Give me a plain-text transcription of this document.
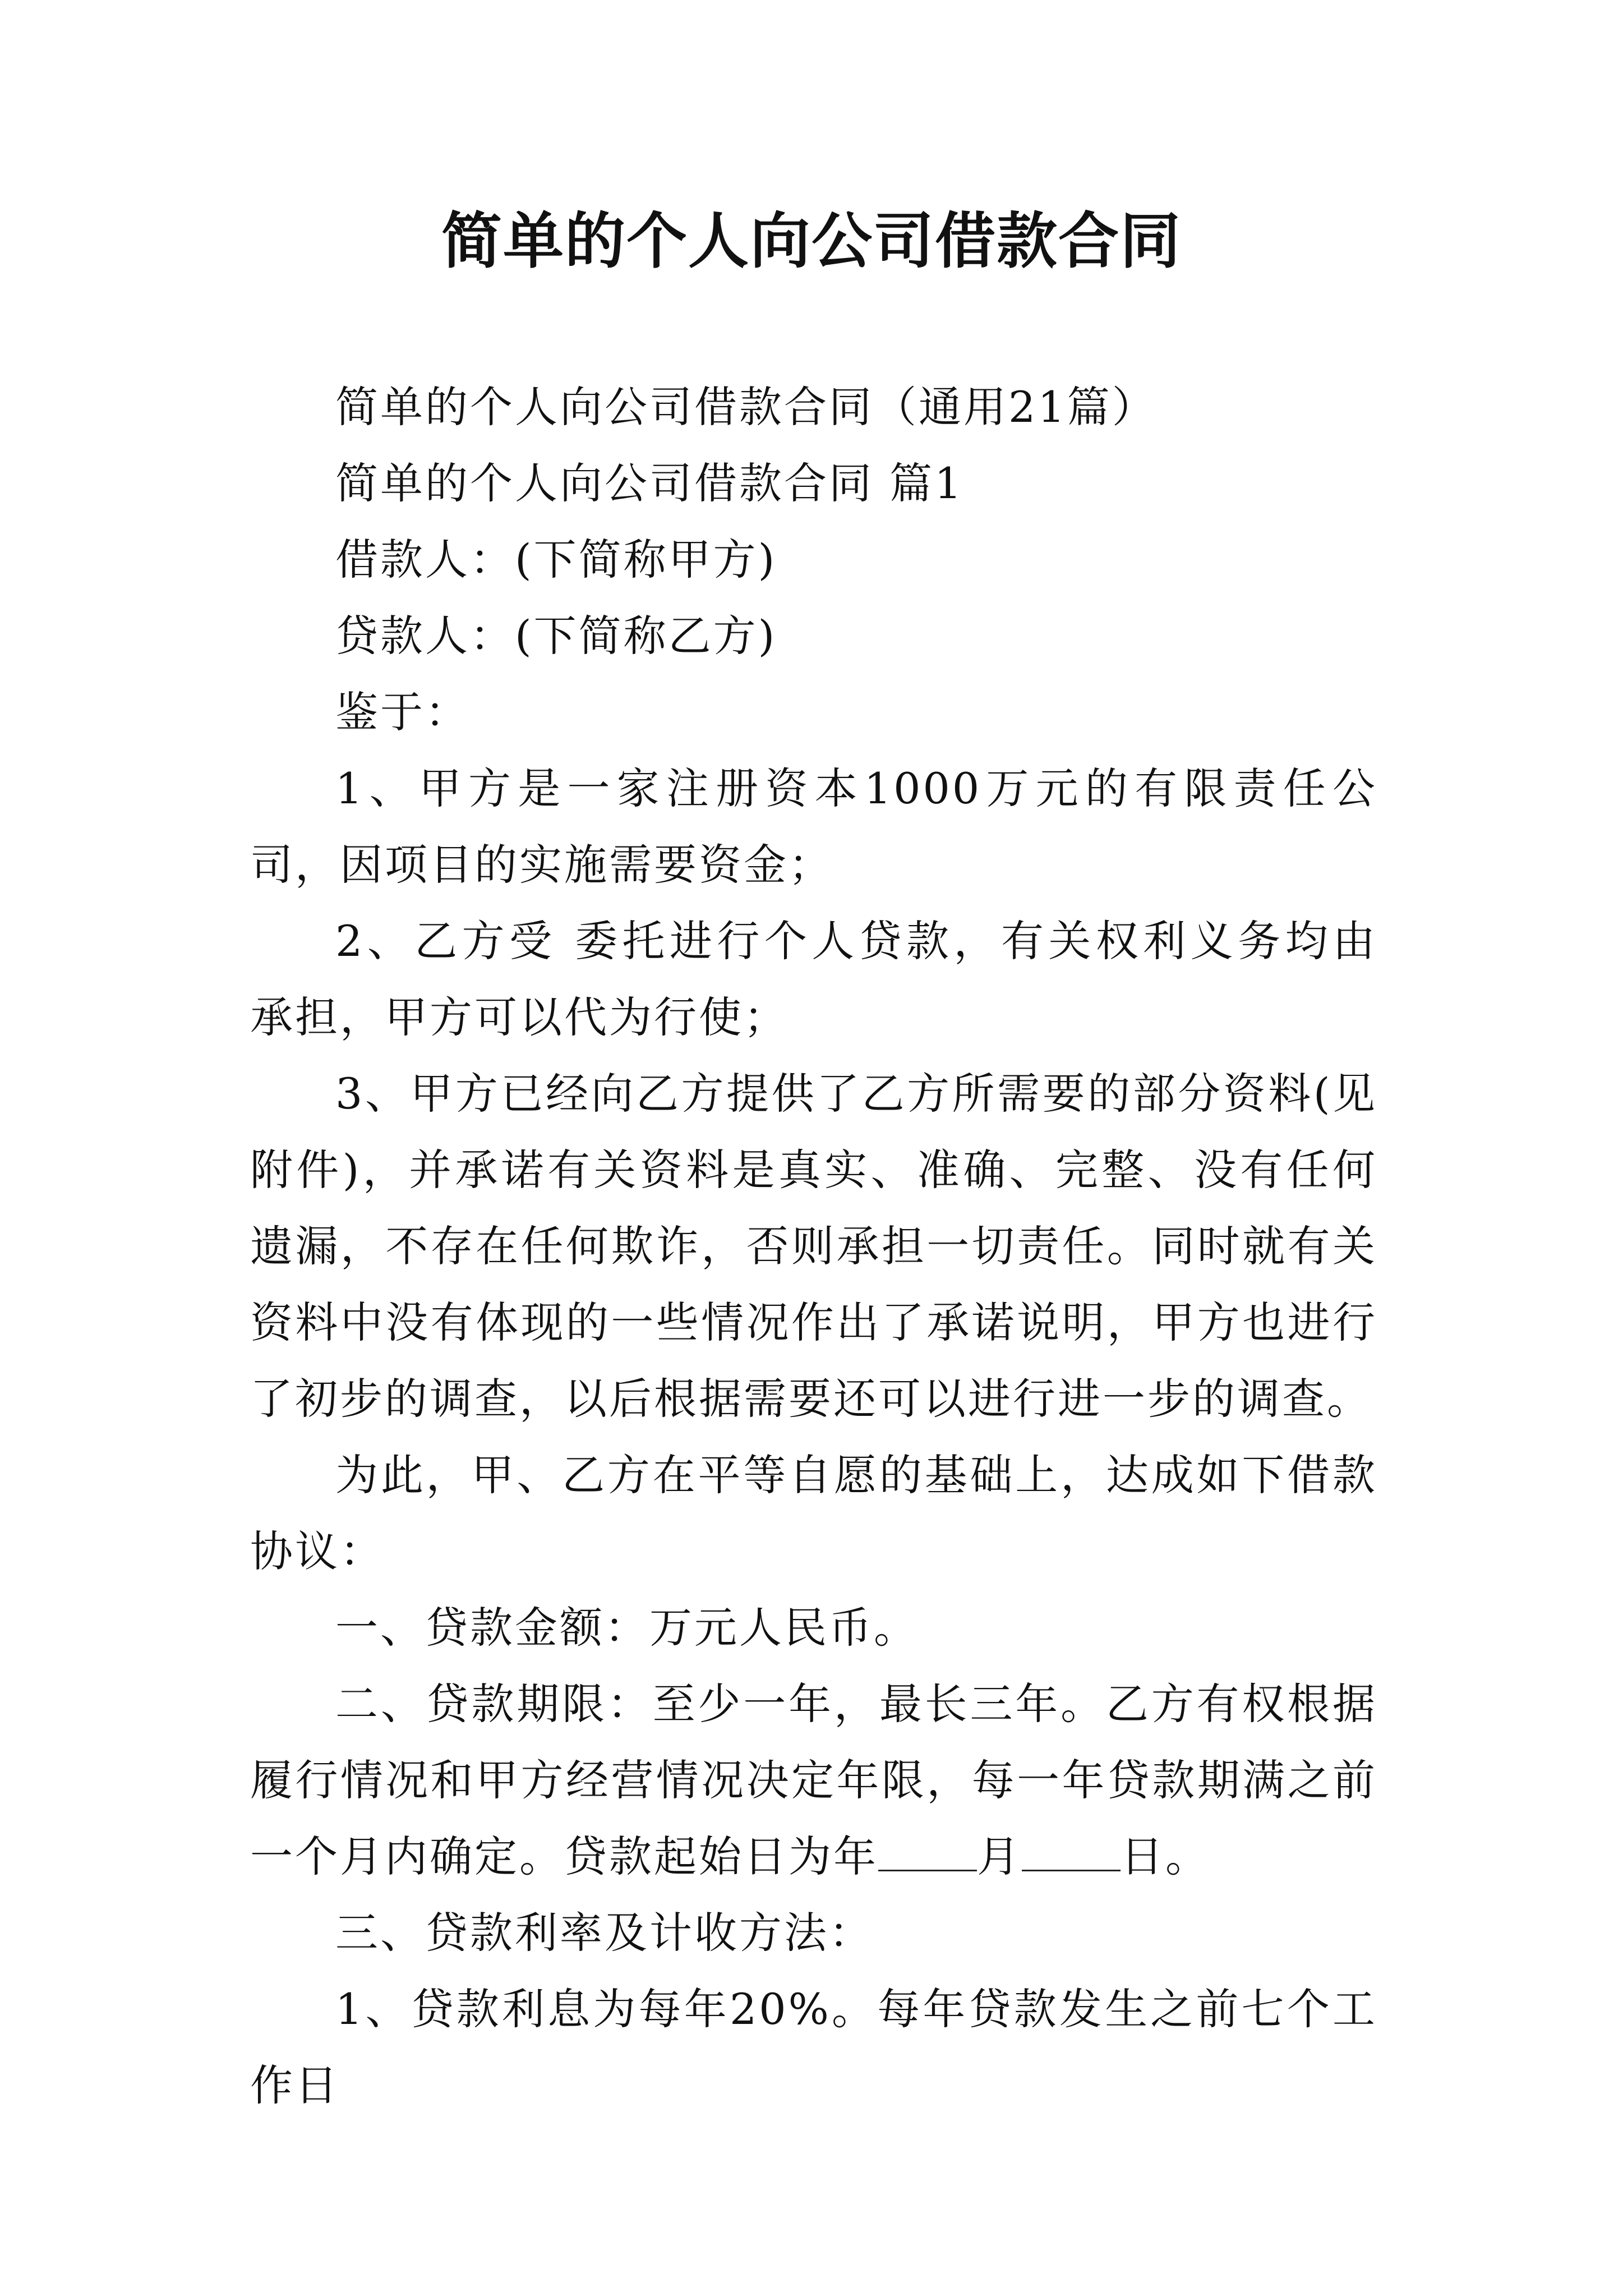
简单的个人向公司借款合同

简单的个人向公司借款合同（通用21篇）

简单的个人向公司借款合同 篇1

借款人：(下简称甲方)

贷款人：(下简称乙方)

鉴于：

1、甲方是一家注册资本1000万元的有限责任公司，因项目的实施需要资金；

2、乙方受 委托进行个人贷款，有关权利义务均由 承担，甲方可以代为行使；

3、甲方已经向乙方提供了乙方所需要的部分资料(见附件)，并承诺有关资料是真实、准确、完整、没有任何遗漏，不存在任何欺诈，否则承担一切责任。同时就有关资料中没有体现的一些情况作出了承诺说明，甲方也进行了初步的调查，以后根据需要还可以进行进一步的调查。

为此，甲、乙方在平等自愿的基础上，达成如下借款协议：

一、贷款金额：万元人民币。

二、贷款期限：至少一年，最长三年。乙方有权根据履行情况和甲方经营情况决定年限，每一年贷款期满之前一个月内确定。贷款起始日为年 月 日。

三、贷款利率及计收方法：

1、贷款利息为每年20%。每年贷款发生之前七个工作日
